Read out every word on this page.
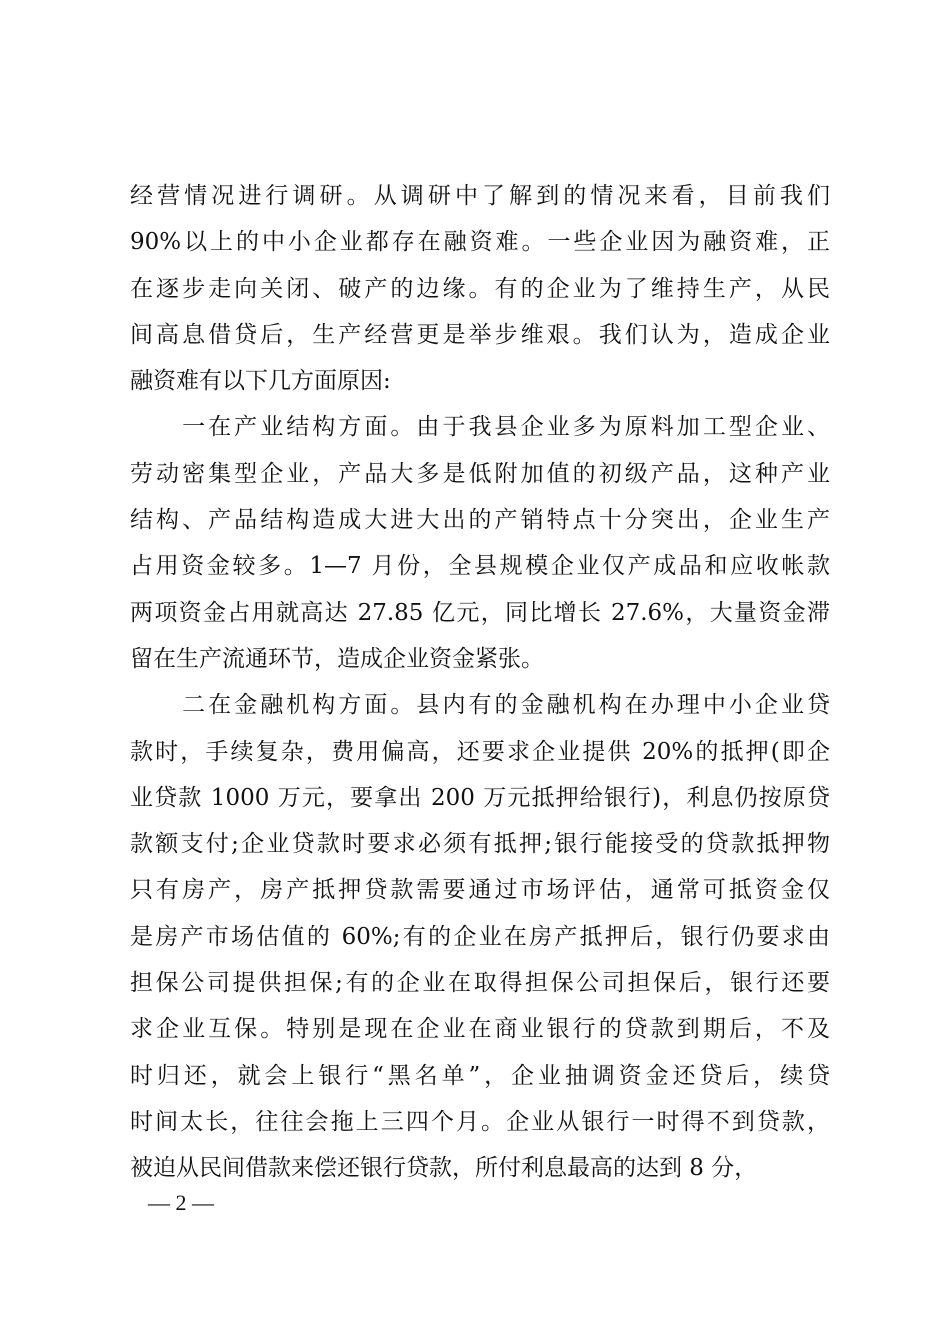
经营情况进行调研。从调研中了解到的情况来看，目前我们
90%以上的中小企业都存在融资难。一些企业因为融资难，正
在逐步走向关闭、破产的边缘。有的企业为了维持生产，从民
间高息借贷后，生产经营更是举步维艰。我们认为，造成企业
融资难有以下几方面原因:
　　一在产业结构方面。由于我县企业多为原料加工型企业、
劳动密集型企业，产品大多是低附加值的初级产品，这种产业
结构、产品结构造成大进大出的产销特点十分突出，企业生产
占用资金较多。1—7 月份，全县规模企业仅产成品和应收帐款
两项资金占用就高达 27.85 亿元，同比增长 27.6%，大量资金滞
留在生产流通环节，造成企业资金紧张。
　　二在金融机构方面。县内有的金融机构在办理中小企业贷
款时，手续复杂，费用偏高，还要求企业提供 20%的抵押(即企
业贷款 1000 万元，要拿出 200 万元抵押给银行)，利息仍按原贷
款额支付;企业贷款时要求必须有抵押;银行能接受的贷款抵押物
只有房产，房产抵押贷款需要通过市场评估，通常可抵资金仅
是房产市场估值的 60%;有的企业在房产抵押后，银行仍要求由
担保公司提供担保;有的企业在取得担保公司担保后，银行还要
求企业互保。特别是现在企业在商业银行的贷款到期后，不及
时归还，就会上银行“黑名单”，企业抽调资金还贷后，续贷
时间太长，往往会拖上三四个月。企业从银行一时得不到贷款，
被迫从民间借款来偿还银行贷款，所付利息最高的达到 8 分，
— 2 —
